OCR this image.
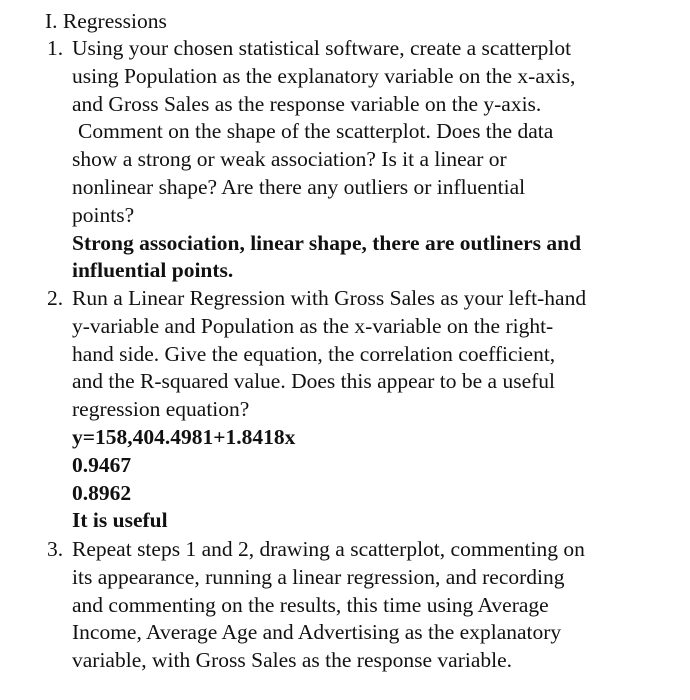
I. Regressions
1. Using your chosen statistical software, create a scatterplot
using Population as the explanatory variable on the x-axis,
and Gross Sales as the response variable on the y-axis.
Comment on the shape of the scatterplot. Does the data
show a strong or weak association? Is it a linear or
nonlinear shape? Are there any outliers or influential
points?
Strong association, linear shape, there are outliners and
influential points.
2. Run a Linear Regression with Gross Sales as your left-hand
y-variable and Population as the x-variable on the right-
hand side. Give the equation, the correlation coefficient,
and the R-squared value. Does this appear to be a useful
regression equation?
y=158,404.4981+1.8418x
0.9467
0.8962
It is useful
3. Repeat steps 1 and 2, drawing a scatterplot, commenting on
its appearance, running a linear regression, and recording
and commenting on the results, this time using Average
Income, Average Age and Advertising as the explanatory
variable, with Gross Sales as the response variable.
